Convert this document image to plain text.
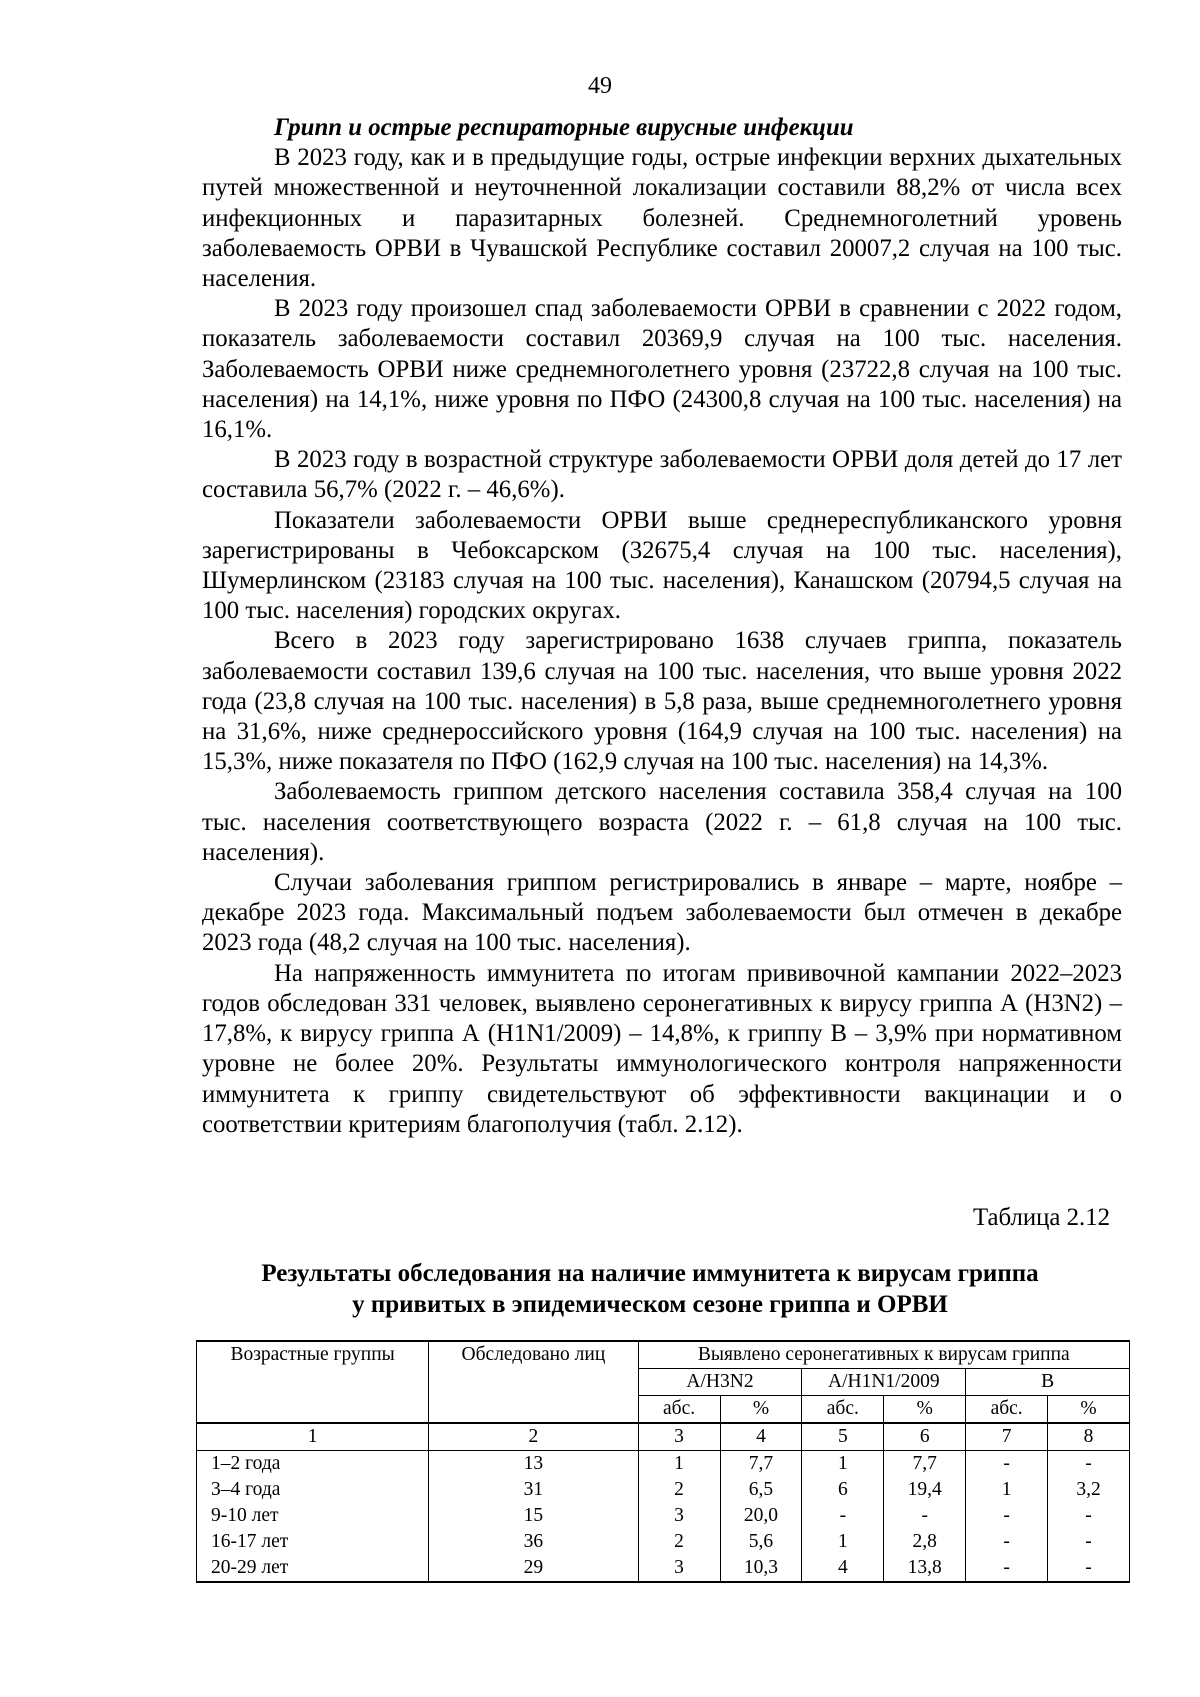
49

Грипп и острые респираторные вирусные инфекции

В 2023 году, как и в предыдущие годы, острые инфекции верхних дыхательных путей множественной и неуточненной локализации составили 88,2% от числа всех инфекционных и паразитарных болезней. Среднемноголетний уровень заболеваемость ОРВИ в Чувашской Республике составил 20007,2 случая на 100 тыс. населения.

В 2023 году произошел спад заболеваемости ОРВИ в сравнении с 2022 годом, показатель заболеваемости составил 20369,9 случая на 100 тыс. населения. Заболеваемость ОРВИ ниже среднемноголетнего уровня (23722,8 случая на 100 тыс. населения) на 14,1%, ниже уровня по ПФО (24300,8 случая на 100 тыс. населения) на 16,1%.

В 2023 году в возрастной структуре заболеваемости ОРВИ доля детей до 17 лет составила 56,7% (2022 г. – 46,6%).

Показатели заболеваемости ОРВИ выше среднереспубликанского уровня зарегистрированы в Чебоксарском (32675,4 случая на 100 тыс. населения), Шумерлинском (23183 случая на 100 тыс. населения), Канашском (20794,5 случая на 100 тыс. населения) городских округах.

Всего в 2023 году зарегистрировано 1638 случаев гриппа, показатель заболеваемости составил 139,6 случая на 100 тыс. населения, что выше уровня 2022 года (23,8 случая на 100 тыс. населения) в 5,8 раза, выше среднемноголетнего уровня на 31,6%, ниже среднероссийского уровня (164,9 случая на 100 тыс. населения) на 15,3%, ниже показателя по ПФО (162,9 случая на 100 тыс. населения) на 14,3%.

Заболеваемость гриппом детского населения составила 358,4 случая на 100 тыс. населения соответствующего возраста (2022 г. – 61,8 случая на 100 тыс. населения).

Случаи заболевания гриппом регистрировались в январе – марте, ноябре – декабре 2023 года. Максимальный подъем заболеваемости был отмечен в декабре 2023 года (48,2 случая на 100 тыс. населения).

На напряженность иммунитета по итогам прививочной кампании 2022–2023 годов обследован 331 человек, выявлено серонегативных к вирусу гриппа А (H3N2) – 17,8%, к вирусу гриппа А (H1N1/2009) – 14,8%, к гриппу В – 3,9% при нормативном уровне не более 20%. Результаты иммунологического контроля напряженности иммунитета к гриппу свидетельствуют об эффективности вакцинации и о соответствии критериям благополучия (табл. 2.12).

Таблица 2.12
Результаты обследования на наличие иммунитета к вирусам гриппа
у привитых в эпидемическом сезоне гриппа и ОРВИ
Возрастные группы	Обследовано лиц	Выявлено серонегативных к вирусам гриппа					
		А/H3N2		А/H1N1/2009		В	
		абс.	%	абс.	%	абс.	%
1	2	3	4	5	6	7	8
1–2 года	13	1	7,7	1	7,7	-	-
3–4 года	31	2	6,5	6	19,4	1	3,2
9-10 лет	15	3	20,0	-	-	-	-
16-17 лет	36	2	5,6	1	2,8	-	-
20-29 лет	29	3	10,3	4	13,8	-	-
